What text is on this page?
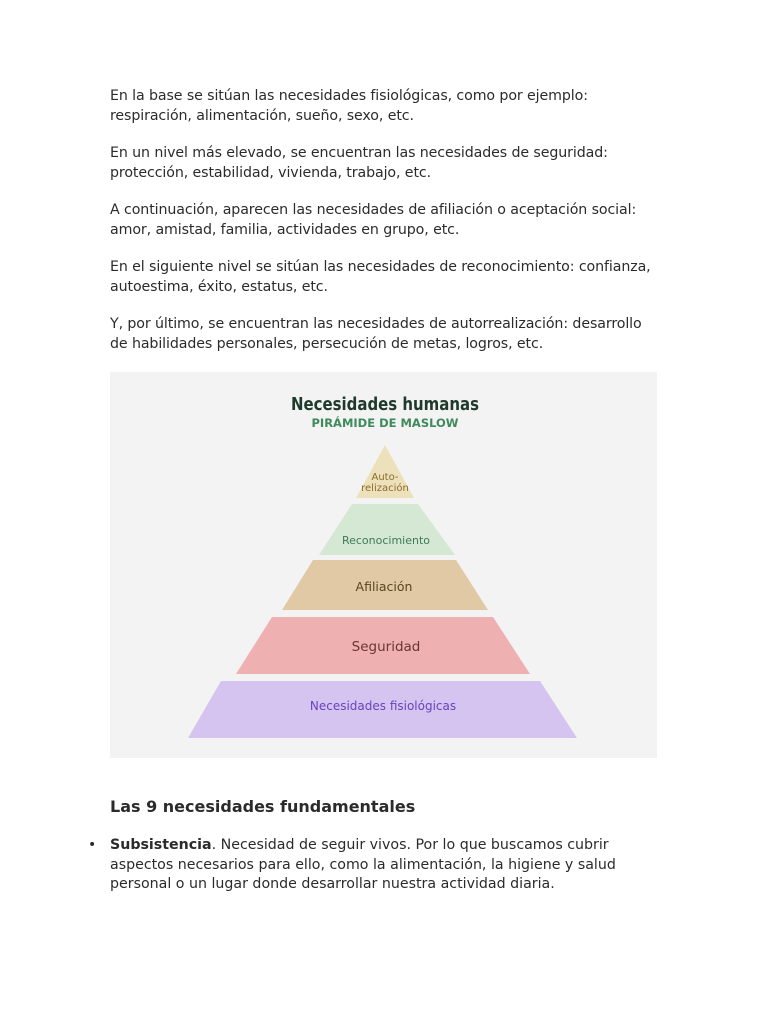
En la base se sitúan las necesidades fisiológicas, como por ejemplo: respiración, alimentación, sueño, sexo, etc.

En un nivel más elevado, se encuentran las necesidades de seguridad: protección, estabilidad, vivienda, trabajo, etc.

A continuación, aparecen las necesidades de afiliación o aceptación social: amor, amistad, familia, actividades en grupo, etc.

En el siguiente nivel se sitúan las necesidades de reconocimiento: confianza, autoestima, éxito, estatus, etc.

Y, por último, se encuentran las necesidades de autorrealización: desarrollo de habilidades personales, persecución de metas, logros, etc.

Necesidades humanas
PIRÁMIDE DE MASLOW
Auto-
relización
Reconocimiento
Afiliación
Seguridad
Necesidades fisiológicas
Las 9 necesidades fundamentales
• Subsistencia. Necesidad de seguir vivos. Por lo que buscamos cubrir aspectos necesarios para ello, como la alimentación, la higiene y salud personal o un lugar donde desarrollar nuestra actividad diaria.
